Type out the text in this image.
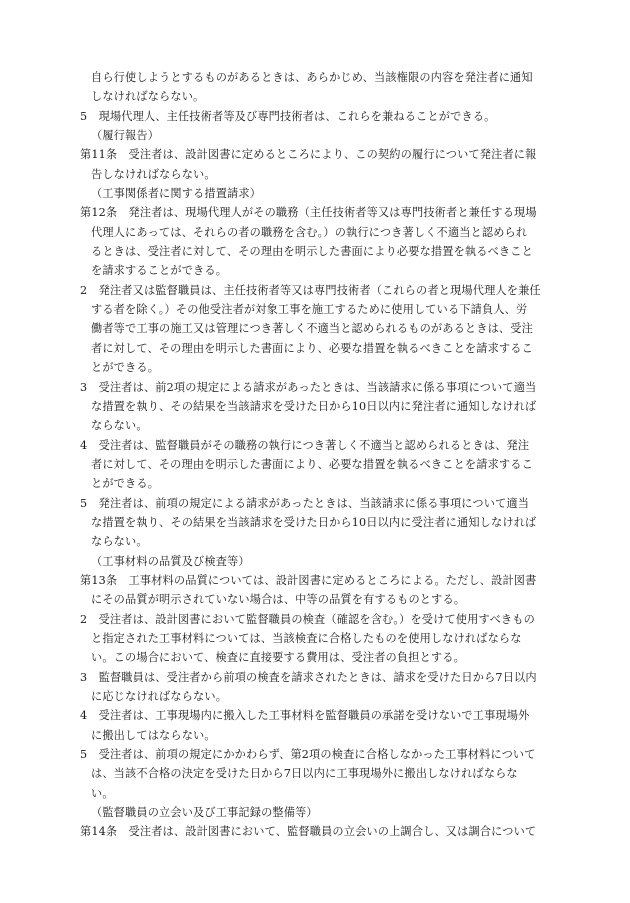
自ら行使しようとするものがあるときは、あらかじめ、当該権限の内容を発注者に通知
しなければならない。
5　現場代理人、主任技術者等及び専門技術者は、これらを兼ねることができる。
（履行報告）
第11条　受注者は、設計図書に定めるところにより、この契約の履行について発注者に報
告しなければならない。
（工事関係者に関する措置請求）
第12条　発注者は、現場代理人がその職務（主任技術者等又は専門技術者と兼任する現場
代理人にあっては、それらの者の職務を含む。）の執行につき著しく不適当と認められ
るときは、受注者に対して、その理由を明示した書面により必要な措置を執るべきこと
を請求することができる。
2　発注者又は監督職員は、主任技術者等又は専門技術者（これらの者と現場代理人を兼任
する者を除く。）その他受注者が対象工事を施工するために使用している下請負人、労
働者等で工事の施工又は管理につき著しく不適当と認められるものがあるときは、受注
者に対して、その理由を明示した書面により、必要な措置を執るべきことを請求するこ
とができる。
3　受注者は、前2項の規定による請求があったときは、当該請求に係る事項について適当
な措置を執り、その結果を当該請求を受けた日から10日以内に発注者に通知しなければ
ならない。
4　受注者は、監督職員がその職務の執行につき著しく不適当と認められるときは、発注
者に対して、その理由を明示した書面により、必要な措置を執るべきことを請求するこ
とができる。
5　発注者は、前項の規定による請求があったときは、当該請求に係る事項について適当
な措置を執り、その結果を当該請求を受けた日から10日以内に受注者に通知しなければ
ならない。
（工事材料の品質及び検査等）
第13条　工事材料の品質については、設計図書に定めるところによる。ただし、設計図書
にその品質が明示されていない場合は、中等の品質を有するものとする。
2　受注者は、設計図書において監督職員の検査（確認を含む。）を受けて使用すべきもの
と指定された工事材料については、当該検査に合格したものを使用しなければならな
い。この場合において、検査に直接要する費用は、受注者の負担とする。
3　監督職員は、受注者から前項の検査を請求されたときは、請求を受けた日から7日以内
に応じなければならない。
4　受注者は、工事現場内に搬入した工事材料を監督職員の承諾を受けないで工事現場外
に搬出してはならない。
5　受注者は、前項の規定にかかわらず、第2項の検査に合格しなかった工事材料について
は、当該不合格の決定を受けた日から7日以内に工事現場外に搬出しなければならな
い。
（監督職員の立会い及び工事記録の整備等）
第14条　受注者は、設計図書において、監督職員の立会いの上調合し、又は調合について
